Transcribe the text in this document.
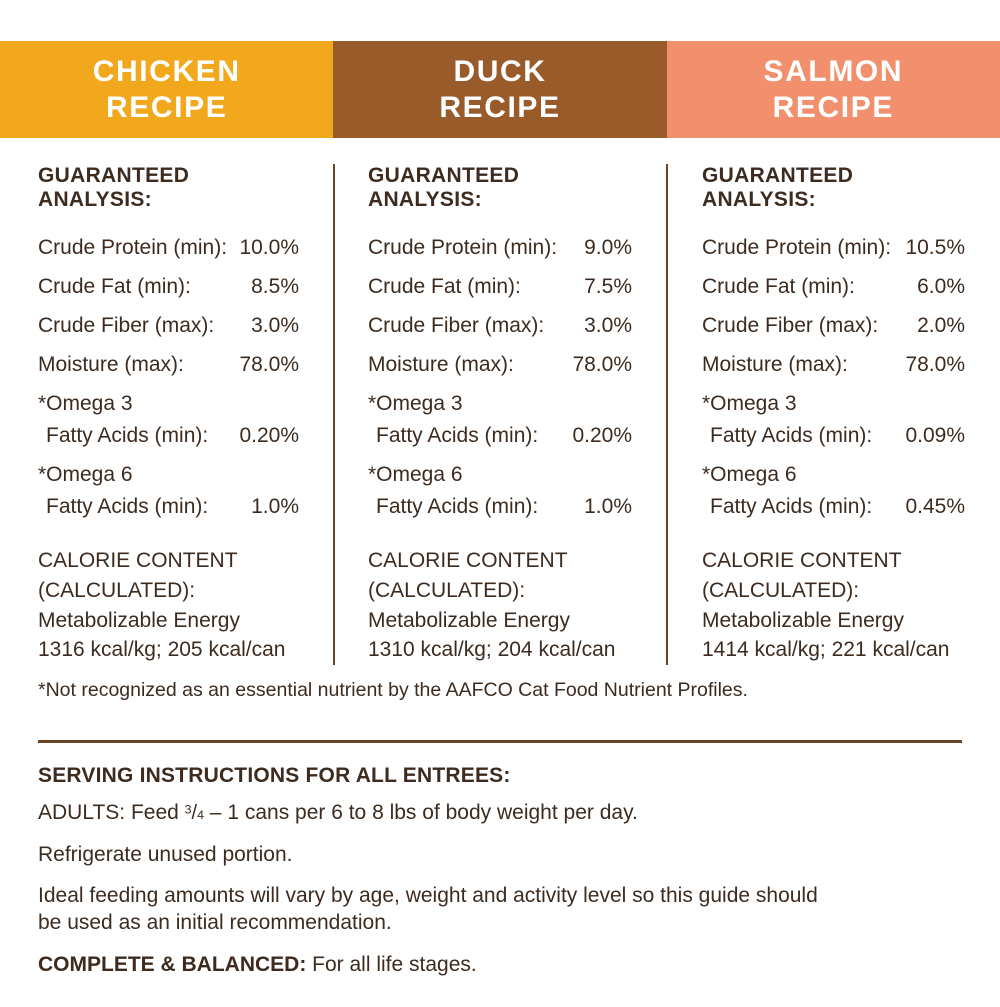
CHICKEN
RECIPE
DUCK
RECIPE
SALMON
RECIPE
GUARANTEED ANALYSIS:
Crude Protein (min): 10.0%
Crude Fat (min):	8.5%
Crude Fiber (max):	3.0%
Moisture (max):	78.0%
*Omega 3
Fatty Acids (min): 0.20%
*Omega 6
Fatty Acids (min): 1.0%
CALORIE CONTENT
(CALCULATED):
Metabolizable Energy
1316 kcal/kg; 205 kcal/can
GUARANTEED ANALYSIS:
Crude Protein (min):	9.0%
Crude Fat (min):	7.5%
Crude Fiber (max):	3.0%
Moisture (max):	78.0%
*Omega 3
Fatty Acids (min): 0.20%
*Omega 6
Fatty Acids (min): 1.0%
CALORIE CONTENT
(CALCULATED):
Metabolizable Energy
1310 kcal/kg; 204 kcal/can
GUARANTEED ANALYSIS:
Crude Protein (min): 10.5%
Crude Fat (min):	6.0%
Crude Fiber (max):	2.0%
Moisture (max):	78.0%
*Omega 3
Fatty Acids (min): 0.09%
*Omega 6
Fatty Acids (min): 0.45%
CALORIE CONTENT
(CALCULATED):
Metabolizable Energy
1414 kcal/kg; 221 kcal/can
*Not recognized as an essential nutrient by the AAFCO Cat Food Nutrient Profiles.
SERVING INSTRUCTIONS FOR ALL ENTREES:

ADULTS: Feed $^3$/4 – 1 cans per 6 to 8 lbs of body weight per day.

Refrigerate unused portion.

Ideal feeding amounts will vary by age, weight and activity level so this guide should
be used as an initial recommendation.

COMPLETE & BALANCED: For all life stages.
